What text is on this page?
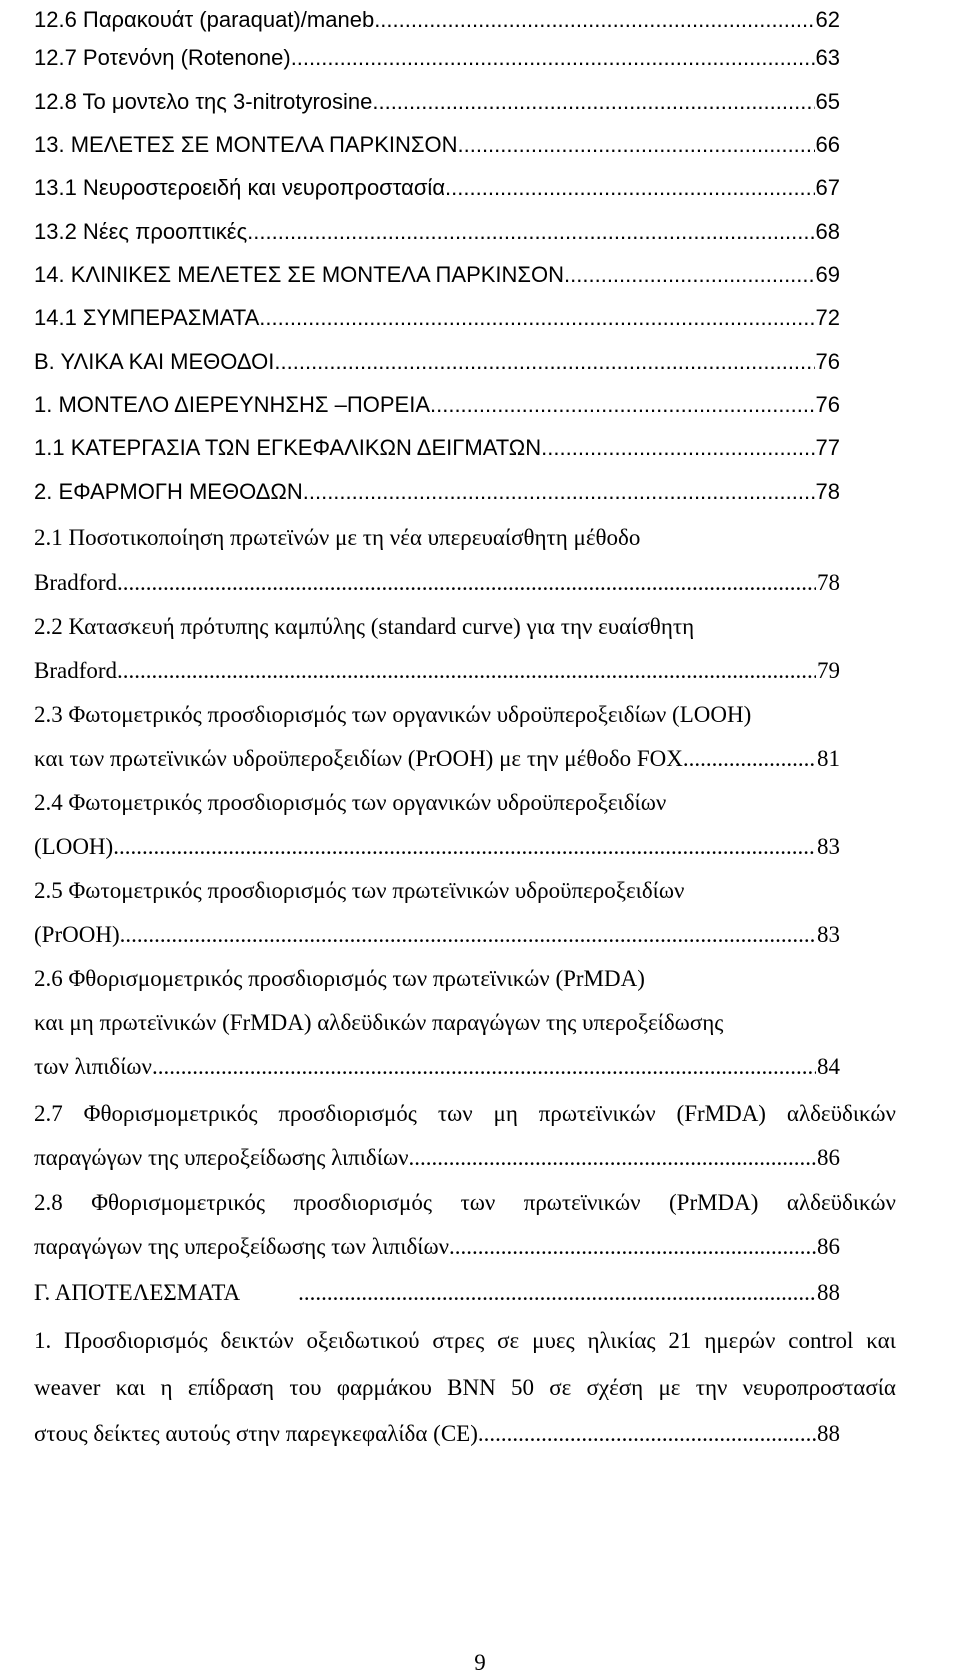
12.6 Παρακουάτ (paraquat)/maneb .....	62
12.7 Ροτενόνη (Rotenone) .....	63
12.8 Το μοντελο της 3-nitrotyrosine .....	65
13. ΜΕΛΕΤΕΣ ΣΕ ΜΟΝΤΕΛΑ ΠΑΡΚΙΝΣΟΝ .....	66
13.1 Νευροστεροειδή και νευροπροστασία .....	67
13.2 Νέες προοπτικές .....	68
14. ΚΛΙΝΙΚΕΣ ΜΕΛΕΤΕΣ ΣΕ ΜΟΝΤΕΛΑ ΠΑΡΚΙΝΣΟΝ .....	69
14.1 ΣΥΜΠΕΡΑΣΜΑΤΑ .....	72
Β. ΥΛΙΚΑ ΚΑΙ ΜΕΘΟΔΟΙ .....	76
1. ΜΟΝΤΕΛΟ ΔΙΕΡΕΥΝΗΣΗΣ –ΠΟΡΕΙΑ .....	76
1.1 ΚΑΤΕΡΓΑΣΙΑ ΤΩΝ ΕΓΚΕΦΑΛΙΚΩΝ ΔΕΙΓΜΑΤΩΝ .....	77
2. ΕΦΑΡΜΟΓΗ ΜΕΘΟΔΩΝ .....	78
2.1 Ποσοτικοποίηση πρωτεϊνών με τη νέα υπερευαίσθητη μέθοδο
Bradford .....	78
2.2 Κατασκευή πρότυπης καμπύλης (standard curve) για την ευαίσθητη
Bradford .....	79
2.3 Φωτομετρικός προσδιορισμός των οργανικών υδροϋπεροξειδίων (LOOH)
και των πρωτεϊνικών υδροϋπεροξειδίων (PrOOH) με την μέθοδο FOX. .....	81
2.4 Φωτομετρικός προσδιορισμός των οργανικών υδροϋπεροξειδίων
(LOOH) .....	83
2.5 Φωτομετρικός προσδιορισμός των πρωτεϊνικών υδροϋπεροξειδίων
(PrOOH) .....	83
2.6 Φθορισμομετρικός προσδιορισμός των πρωτεϊνικών (PrMDA)
και μη πρωτεϊνικών (FrMDA) αλδεϋδικών παραγώγων της υπεροξείδωσης
των λιπιδίων .....	84
2.7 Φθορισμομετρικός προσδιορισμός των μη πρωτεϊνικών (FrMDA) αλδεϋδικών
παραγώγων της υπεροξείδωσης λιπιδίων .....	86
2.8 Φθορισμομετρικός προσδιορισμός των πρωτεϊνικών (PrMDA) αλδεϋδικών
παραγώγων της υπεροξείδωσης των λιπιδίων .....	86
Γ. ΑΠΟΤΕΛΕΣΜΑΤΑ .....	88
1. Προσδιορισμός δεικτών οξειδωτικού στρες σε μυες ηλικίας 21 ημερών control και
weaver και η επίδραση του φαρμάκου BNN 50 σε σχέση με την νευροπροστασία
στους δείκτες αυτούς στην παρεγκεφαλίδα (CE). .....	88
9
